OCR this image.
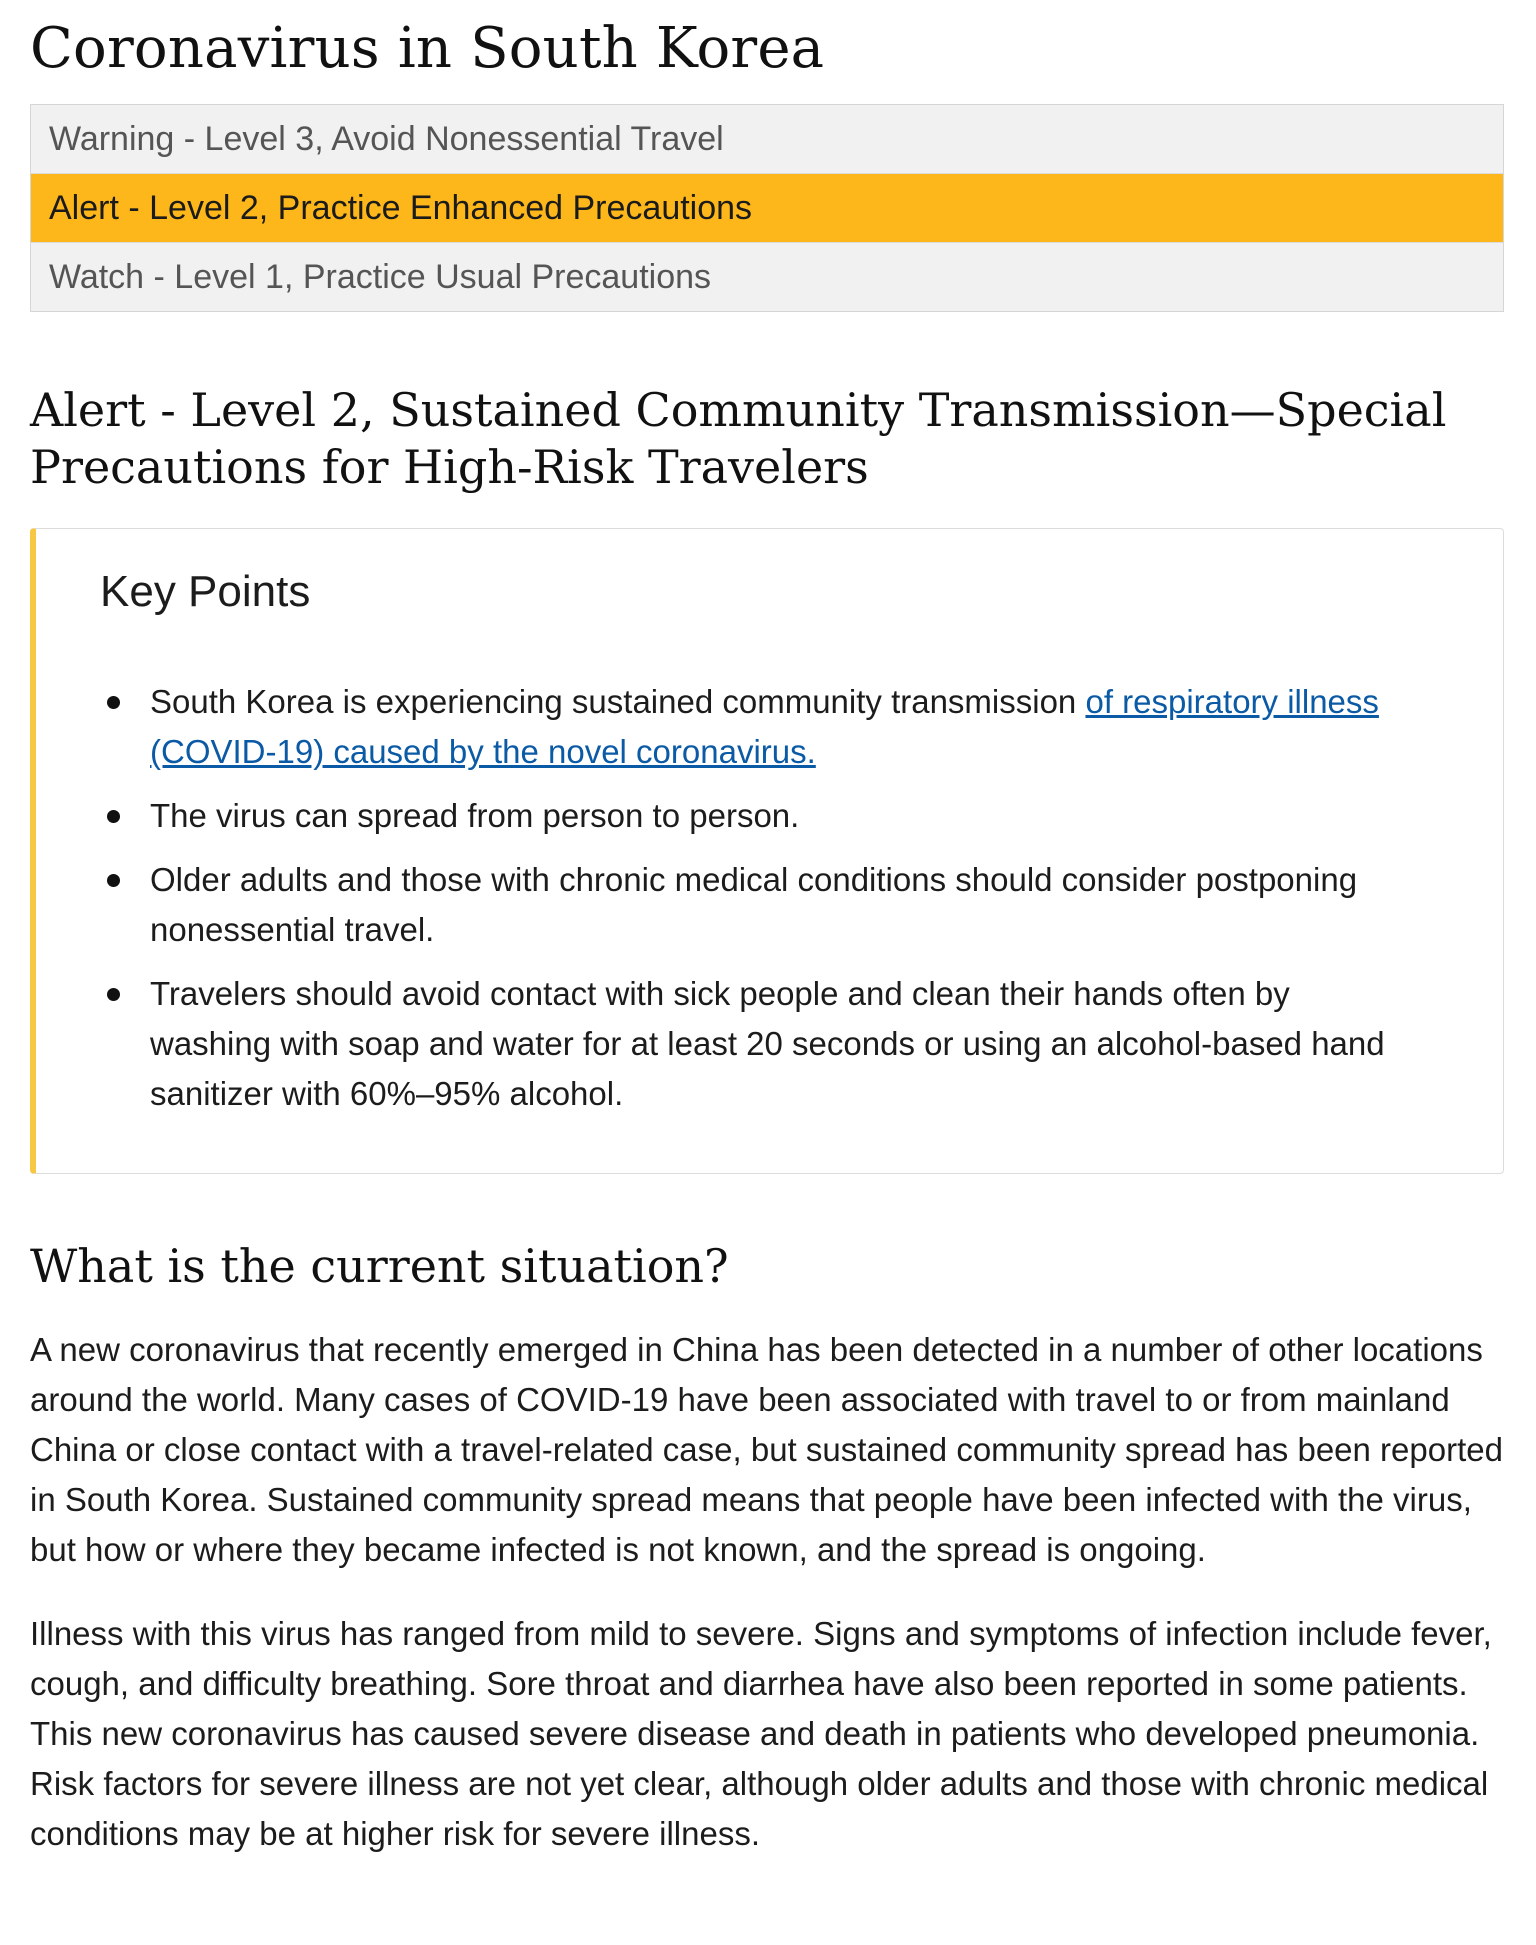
Coronavirus in South Korea
Warning - Level 3, Avoid Nonessential Travel
Alert - Level 2, Practice Enhanced Precautions
Watch - Level 1, Practice Usual Precautions
Alert - Level 2, Sustained Community Transmission—Special Precautions for High-Risk Travelers
Key Points
South Korea is experiencing sustained community transmission of respiratory illness (COVID-19) caused by the novel coronavirus.
The virus can spread from person to person.
Older adults and those with chronic medical conditions should consider postponing nonessential travel.
Travelers should avoid contact with sick people and clean their hands often by washing with soap and water for at least 20 seconds or using an alcohol-based hand sanitizer with 60%–95% alcohol.
What is the current situation?

A new coronavirus that recently emerged in China has been detected in a number of other locations around the world. Many cases of COVID-19 have been associated with travel to or from mainland China or close contact with a travel-related case, but sustained community spread has been reported in South Korea. Sustained community spread means that people have been infected with the virus, but how or where they became infected is not known, and the spread is ongoing.

Illness with this virus has ranged from mild to severe. Signs and symptoms of infection include fever, cough, and difficulty breathing. Sore throat and diarrhea have also been reported in some patients. This new coronavirus has caused severe disease and death in patients who developed pneumonia. Risk factors for severe illness are not yet clear, although older adults and those with chronic medical conditions may be at higher risk for severe illness.
